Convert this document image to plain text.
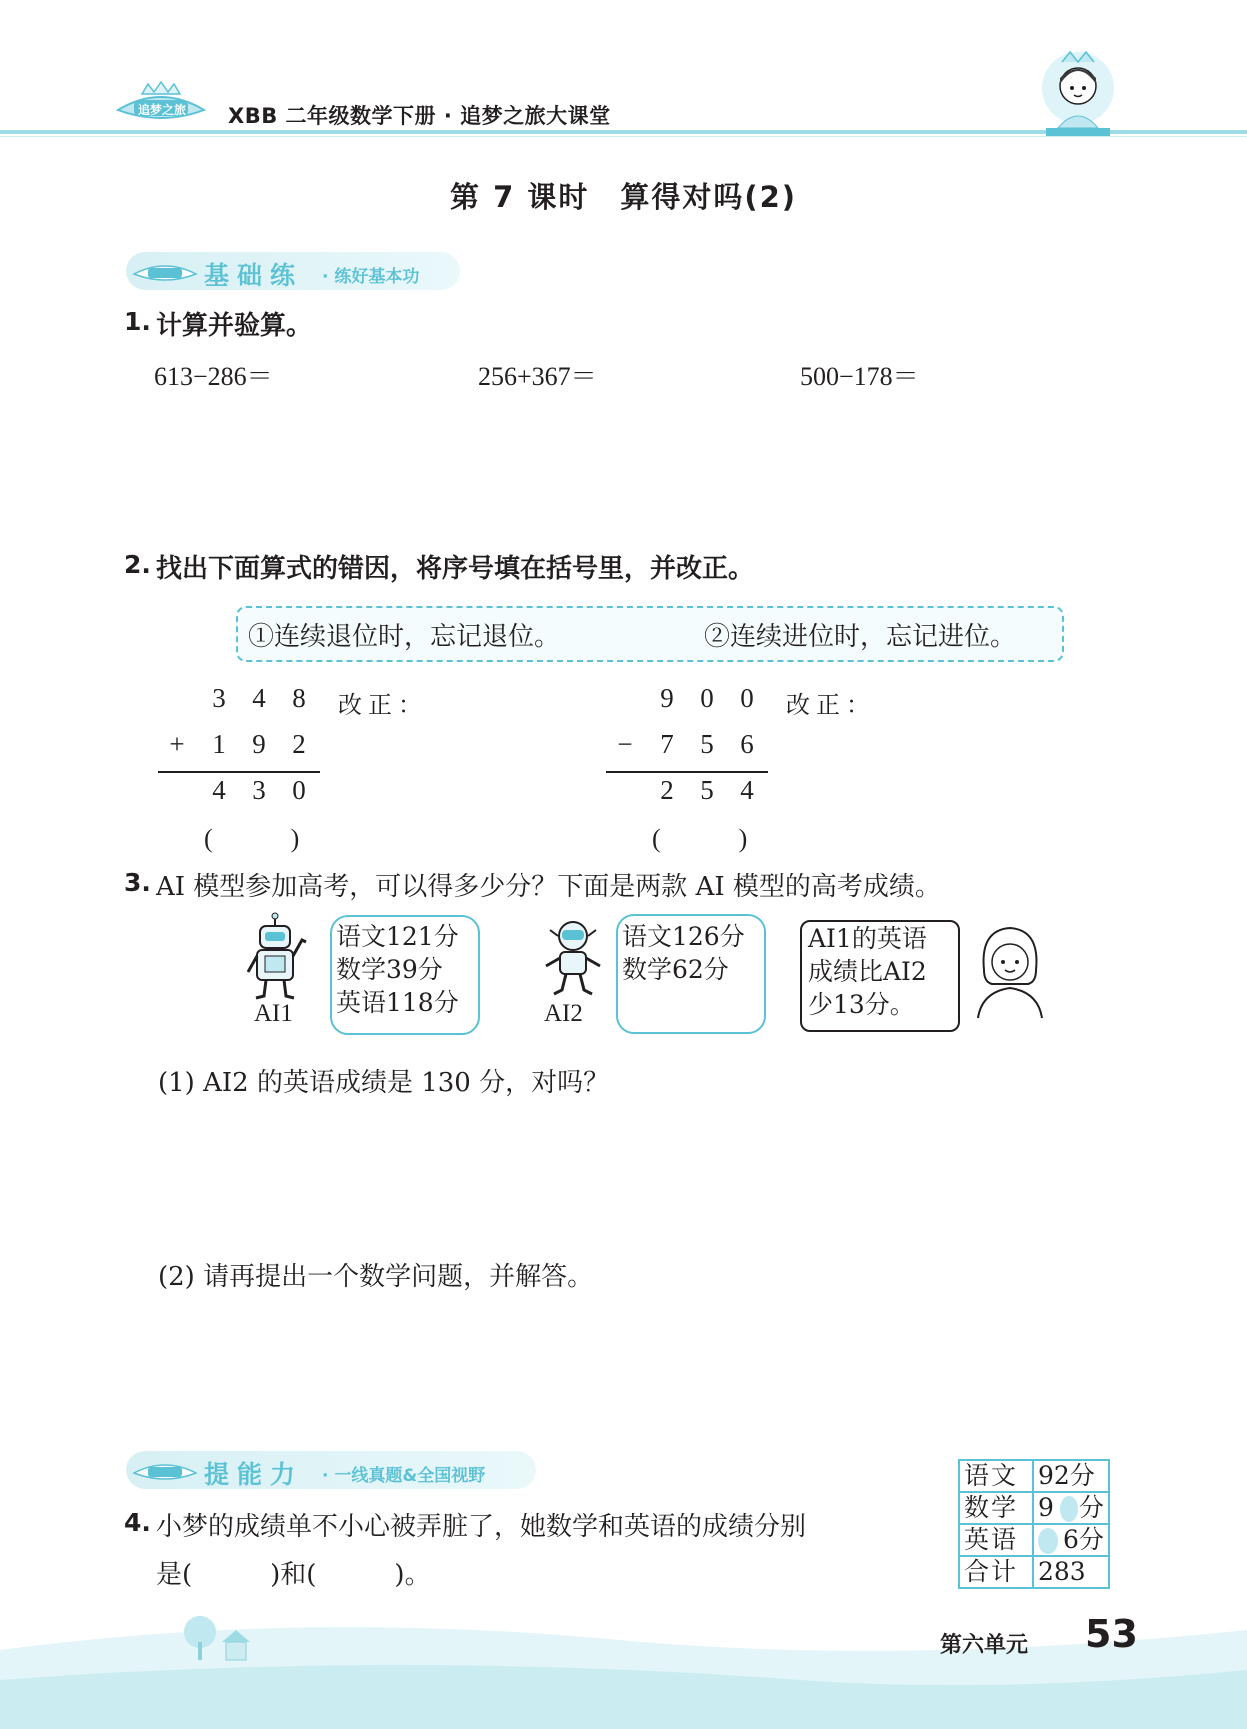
追梦之旅 XBB 二年级数学下册 · 追梦之旅大课堂
第 7 课时　算得对吗(2)
基础练 · 练好基本功
1. 计算并验算。
613−286＝	256+367＝	500−178＝
2. 找出下面算式的错因，将序号填在括号里，并改正。
①连续退位时，忘记退位。	②连续进位时，忘记进位。
3 4 8
+	1 9 2
4 3 0
(　　　)
改正：	9 0 0
−	7 5 6
2 5 4
(　　　)
改正：
3. AI 模型参加高考，可以得多少分？下面是两款 AI 模型的高考成绩。
AI1
语文121分
数学39分
英语118分	AI2
语文126分
数学62分
AI1的英语
成绩比AI2
少13分。
(1) AI2 的英语成绩是 130 分，对吗？
(2) 请再提出一个数学问题，并解答。
提能力 · 一线真题&全国视野
4. 小梦的成绩单不小心被弄脏了，她数学和英语的成绩分别
是(　　　)和(　　　)。
语文	92分
数学	9　分
英语	　6分
合计	283
第六单元 53
